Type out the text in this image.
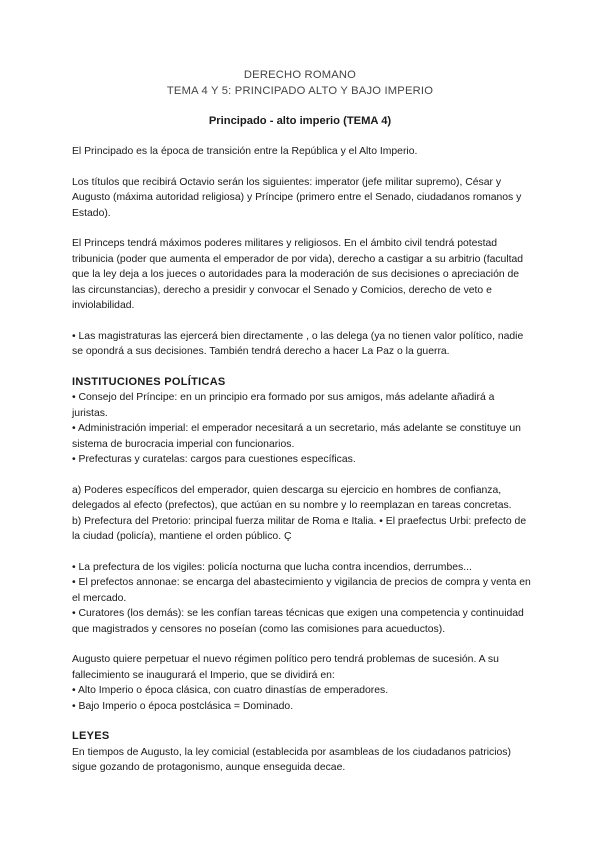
DERECHO ROMANO
TEMA 4 Y 5: PRINCIPADO ALTO Y BAJO IMPERIO
Principado - alto imperio (TEMA 4)

El Principado es la época de transición entre la República y el Alto Imperio.

Los títulos que recibirá Octavio serán los siguientes: imperator (jefe militar supremo), César y Augusto (máxima autoridad religiosa) y Príncipe (primero entre el Senado, ciudadanos romanos y Estado).

El Princeps tendrá máximos poderes militares y religiosos. En el ámbito civil tendrá potestad tribunicia (poder que aumenta el emperador de por vida), derecho a castigar a su arbitrio (facultad que la ley deja a los jueces o autoridades para la moderación de sus decisiones o apreciación de las circunstancias), derecho a presidir y convocar el Senado y Comicios, derecho de veto e inviolabilidad.

• Las magistraturas las ejercerá bien directamente , o las delega (ya no tienen valor político, nadie se opondrá a sus decisiones. También tendrá derecho a hacer La Paz o la guerra.

INSTITUCIONES POLÍTICAS

• Consejo del Príncipe: en un principio era formado por sus amigos, más adelante añadirá a juristas.

• Administración imperial: el emperador necesitará a un secretario, más adelante se constituye un sistema de burocracia imperial con funcionarios.

• Prefecturas y curatelas: cargos para cuestiones específicas.

a) Poderes específicos del emperador, quien descarga su ejercicio en hombres de confianza, delegados al efecto (prefectos), que actúan en su nombre y lo reemplazan en tareas concretas.

b) Prefectura del Pretorio: principal fuerza militar de Roma e Italia. • El praefectus Urbi: prefecto de la ciudad (policía), mantiene el orden público. Ç

• La prefectura de los vigiles: policía nocturna que lucha contra incendios, derrumbes...

• El prefectos annonae: se encarga del abastecimiento y vigilancia de precios de compra y venta en el mercado.

• Curatores (los demás): se les confían tareas técnicas que exigen una competencia y continuidad que magistrados y censores no poseían (como las comisiones para acueductos).

Augusto quiere perpetuar el nuevo régimen político pero tendrá problemas de sucesión. A su fallecimiento se inaugurará el Imperio, que se dividirá en:

• Alto Imperio o época clásica, con cuatro dinastías de emperadores.

• Bajo Imperio o época postclásica = Dominado.

LEYES

En tiempos de Augusto, la ley comicial (establecida por asambleas de los ciudadanos patricios) sigue gozando de protagonismo, aunque enseguida decae.
